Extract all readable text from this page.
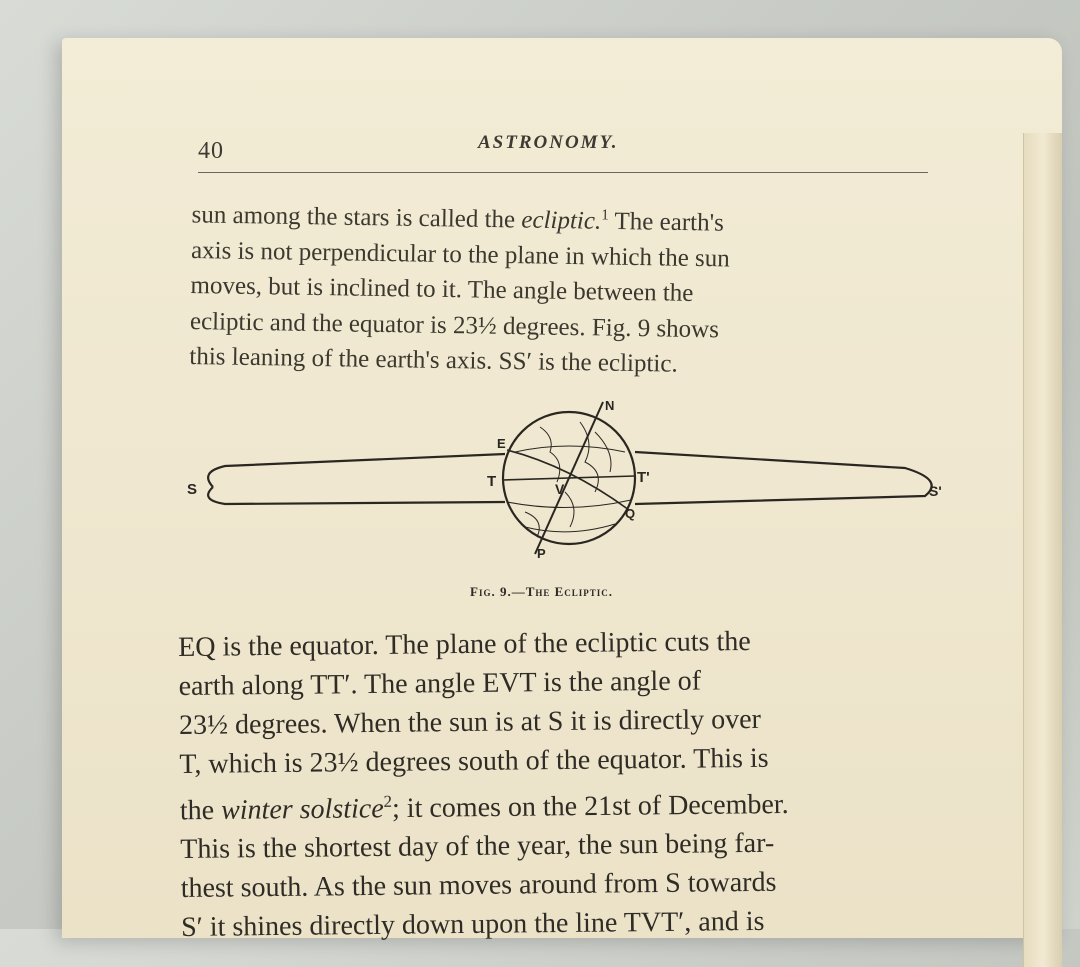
40	ASTRONOMY.
sun among the stars is called the ecliptic.$^1$ The earth's
axis is not perpendicular to the plane in which the sun
moves, but is inclined to it. The angle between the
ecliptic and the equator is 23½ degrees. Fig. 9 shows
this leaning of the earth's axis. SS′ is the ecliptic.
S	S'
T	T'
N
P
E
Q
V
Fig. 9.—The Ecliptic.
EQ is the equator. The plane of the ecliptic cuts the
earth along TT′. The angle EVT is the angle of
23½ degrees. When the sun is at S it is directly over
T, which is 23½ degrees south of the equator. This is
the winter solstice$^2$; it comes on the 21st of December.
This is the shortest day of the year, the sun being far-
thest south. As the sun moves around from S towards
S′ it shines directly down upon the line TVT′, and is
